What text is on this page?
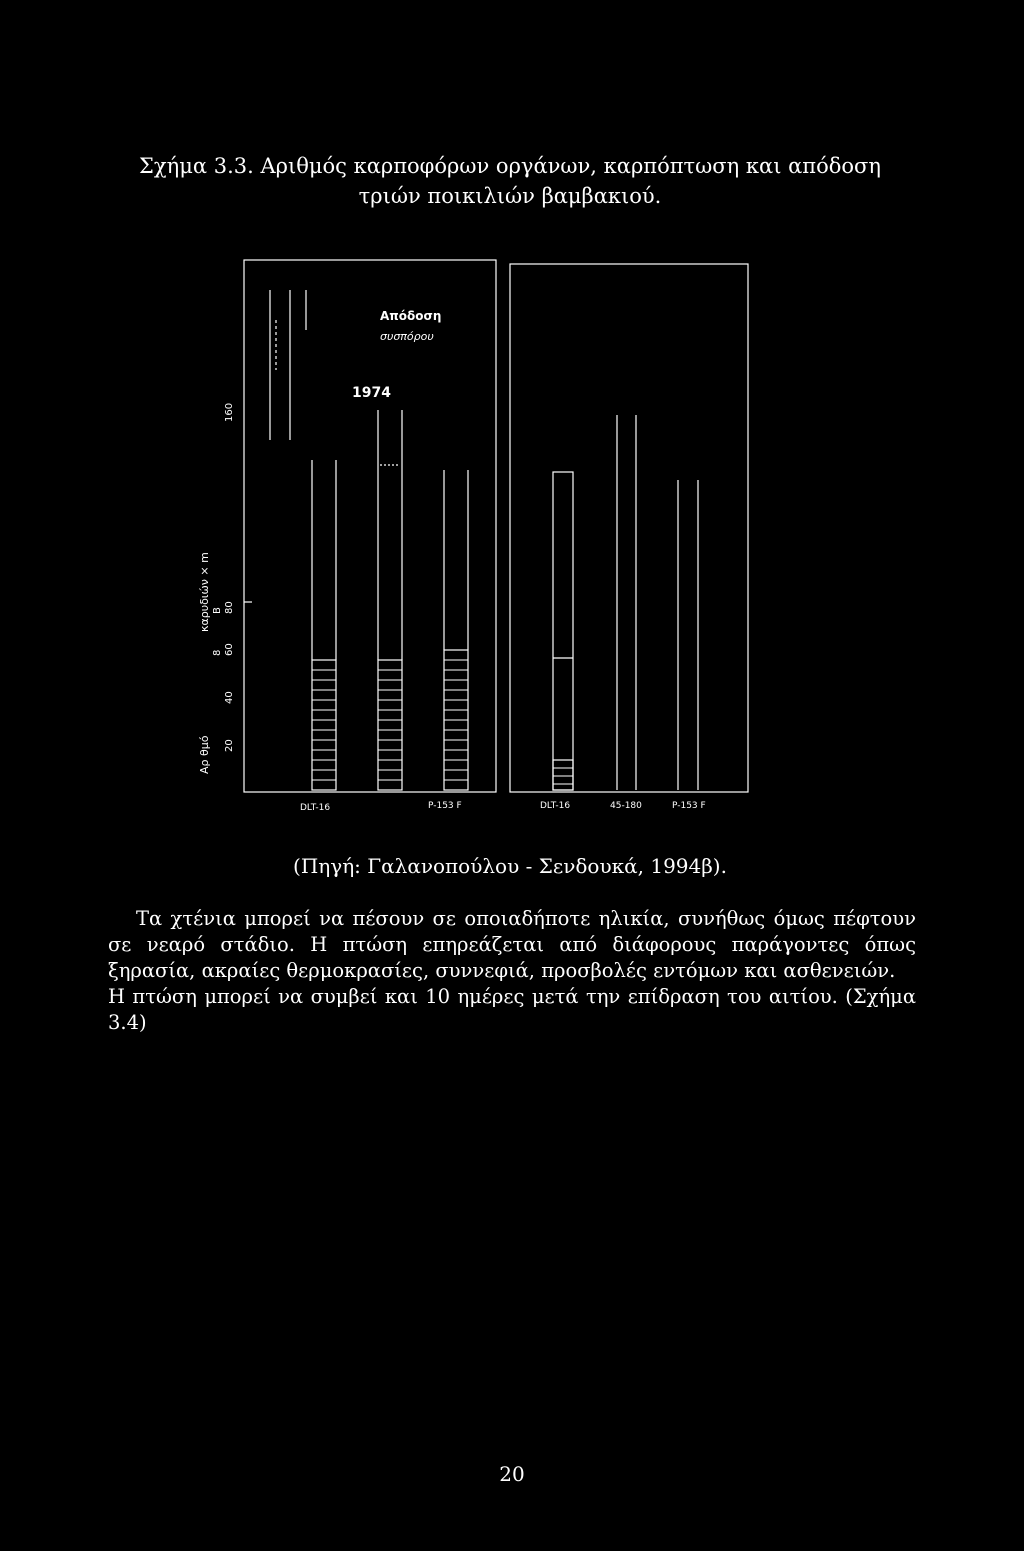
Σχήμα 3.3. Αριθμός καρποφόρων οργάνων, καρπόπτωση και απόδοση
τριών ποικιλιών βαμβακιού.
Απόδοση
συσπόρου
1974
Αρ θμό
καρυδιών × m
160
80
60
40
20
B
8
DLT-16	P-153 F	DLT-16	45-180	P-153 F
(Πηγή: Γαλανοπούλου - Σενδουκά, 1994β).

Τα χτένια μπορεί να πέσουν σε οποιαδήποτε ηλικία, συνήθως όμως πέφτουν σε νεαρό στάδιο. Η πτώση επηρεάζεται από διάφορους παράγοντες όπως ξηρασία, ακραίες θερμοκρασίες, συννεφιά, προσβολές εντόμων και ασθενειών.

Η πτώση μπορεί να συμβεί και 10 ημέρες μετά την επίδραση του αιτίου. (Σχήμα 3.4)

20
